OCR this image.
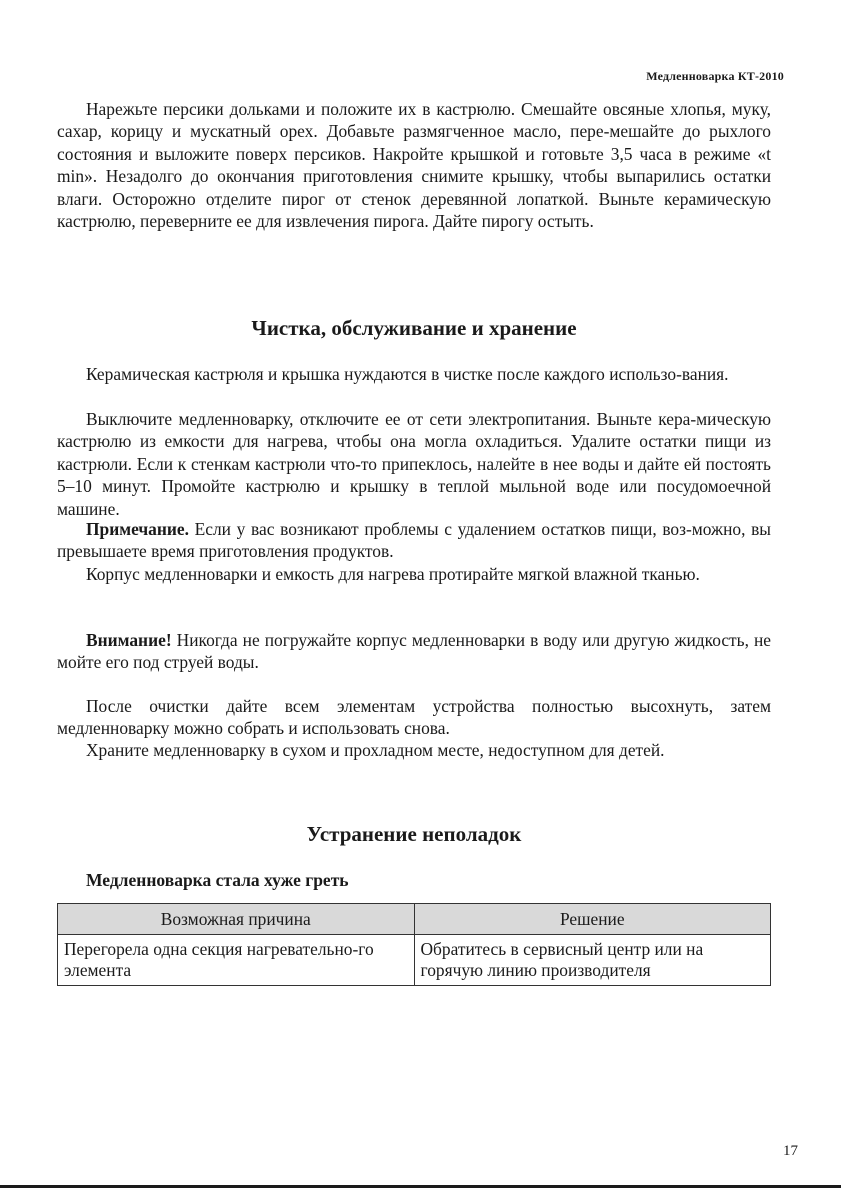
Медленноварка КТ-2010

Нарежьте персики дольками и положите их в кастрюлю. Смешайте овсяные хлопья, муку, сахар, корицу и мускатный орех. Добавьте размягченное масло, пере-мешайте до рыхлого состояния и выложите поверх персиков. Накройте крышкой и готовьте 3,5 часа в режиме «t min». Незадолго до окончания приготовления снимите крышку, чтобы выпарились остатки влаги. Осторожно отделите пирог от стенок деревянной лопаткой. Выньте керамическую кастрюлю, переверните ее для извлечения пирога. Дайте пирогу остыть.

Чистка, обслуживание и хранение

Керамическая кастрюля и крышка нуждаются в чистке после каждого использо-вания.

Выключите медленноварку, отключите ее от сети электропитания. Выньте кера-мическую кастрюлю из емкости для нагрева, чтобы она могла охладиться. Удалите остатки пищи из кастрюли. Если к стенкам кастрюли что-то припеклось, налейте в нее воды и дайте ей постоять 5–10 минут. Промойте кастрюлю и крышку в теплой мыльной воде или посудомоечной машине.

Примечание. Если у вас возникают проблемы с удалением остатков пищи, воз-можно, вы превышаете время приготовления продуктов.

Корпус медленноварки и емкость для нагрева протирайте мягкой влажной тканью.

Внимание! Никогда не погружайте корпус медленноварки в воду или другую жидкость, не мойте его под струей воды.

После очистки дайте всем элементам устройства полностью высохнуть, затем медленноварку можно собрать и использовать снова.

Храните медленноварку в сухом и прохладном месте, недоступном для детей.

Устранение неполадок
Медленноварка стала хуже греть
Возможная причина	Решение
Перегорела одна секция нагревательно-го элемента	Обратитесь в сервисный центр или на горячую линию производителя
17
